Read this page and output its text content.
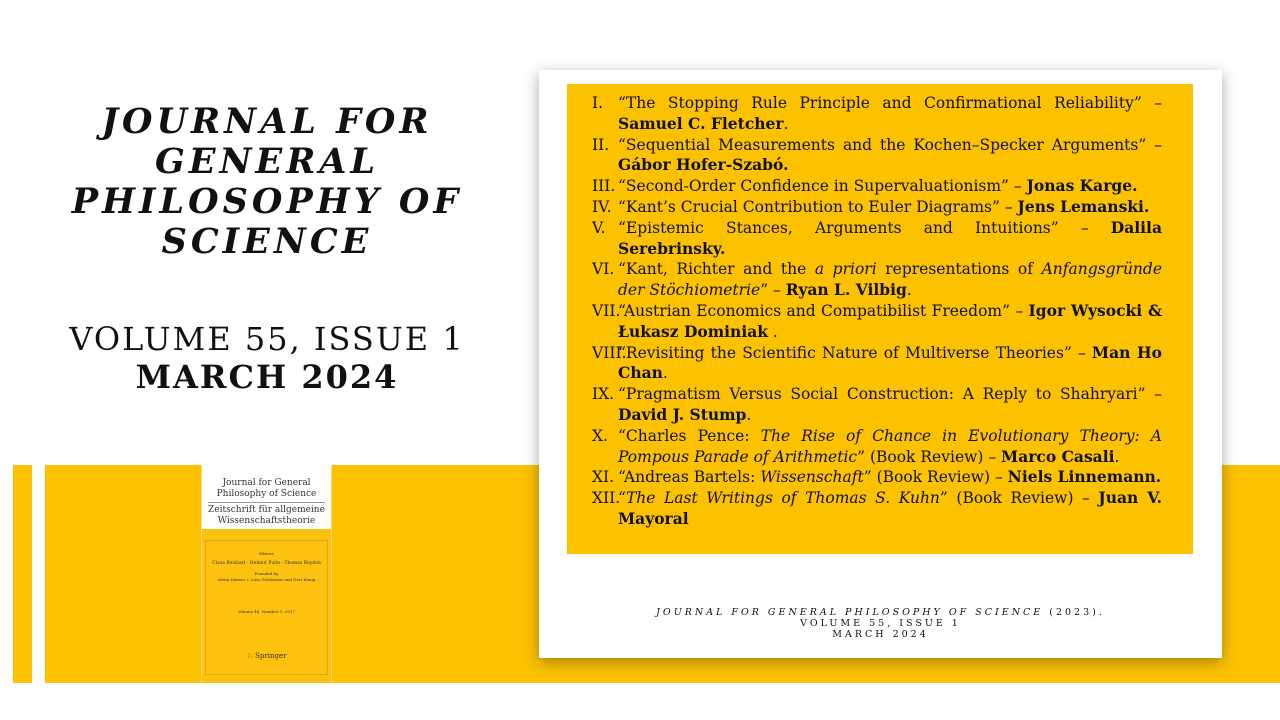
JOURNAL FOR GENERAL PHILOSOPHY OF SCIENCE
VOLUME 55, ISSUE 1
MARCH 2024
Journal for General Philosophy of Science
Zeitschrift für allgemeine Wissenschaftstheorie
Editors
Claus Beisbart · Helmut Pulte · Thomas Reydon
Founded by
Alwin Diemer †, Lutz Geldsetzer and Gert König
Volume 48, Number 1, 2017
♘ Springer
I. “The Stopping Rule Principle and Confirmational Reliability” – Samuel C. Fletcher.
II. “Sequential Measurements and the Kochen–Specker Arguments” – Gábor Hofer-Szabó.
III. “Second-Order Confidence in Supervaluationism” – Jonas Karge.
IV. “Kant’s Crucial Contribution to Euler Diagrams” – Jens Lemanski.
V. “Epistemic Stances, Arguments and Intuitions” – Dalila Serebrinsky.
VI. “Kant, Richter and the a priori representations of Anfangsgründe der Stöchiometrie” – Ryan L. Vilbig.
VII.
“Austrian Economics and Compatibilist Freedom” – Igor Wysocki & Łukasz Dominiak .
VIII.
“Revisiting the Scientific Nature of Multiverse Theories” – Man Ho Chan.
IX. “Pragmatism Versus Social Construction: A Reply to Shahryari” – David J. Stump.
X. “Charles Pence: The Rise of Chance in Evolutionary Theory: A Pompous Parade of Arithmetic” (Book Review) – Marco Casali.
XI. “Andreas Bartels: Wissenschaft” (Book Review) – Niels Linnemann.
XII.
“The Last Writings of Thomas S. Kuhn” (Book Review) – Juan V. Mayoral
JOURNAL FOR GENERAL PHILOSOPHY OF SCIENCE (2023).
VOLUME 55, ISSUE 1
MARCH 2024
